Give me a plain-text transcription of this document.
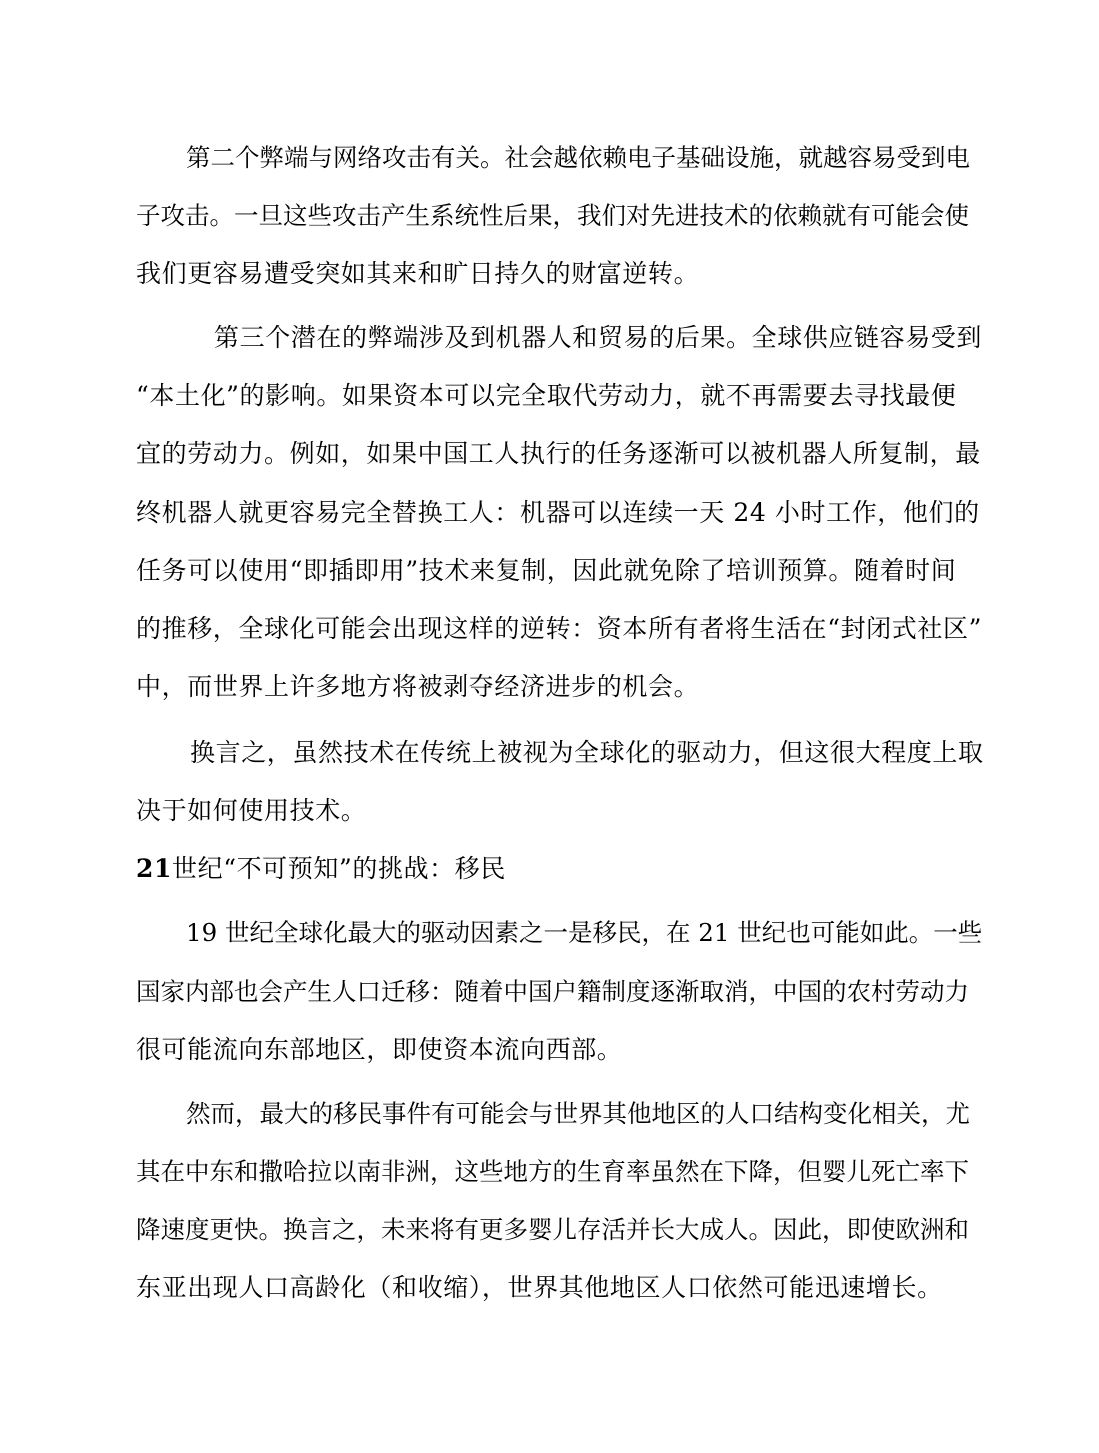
第二个弊端与网络攻击有关。社会越依赖电子基础设施，就越容易受到电
子攻击。一旦这些攻击产生系统性后果，我们对先进技术的依赖就有可能会使
我们更容易遭受突如其来和旷日持久的财富逆转。
第三个潜在的弊端涉及到机器人和贸易的后果。全球供应链容易受到
“本土化”的影响。如果资本可以完全取代劳动力，就不再需要去寻找最便
宜的劳动力。例如，如果中国工人执行的任务逐渐可以被机器人所复制，最
终机器人就更容易完全替换工人：机器可以连续一天 24 小时工作，他们的
任务可以使用“即插即用”技术来复制，因此就免除了培训预算。随着时间
的推移，全球化可能会出现这样的逆转：资本所有者将生活在“封闭式社区”
中，而世界上许多地方将被剥夺经济进步的机会。
换言之，虽然技术在传统上被视为全球化的驱动力，但这很大程度上取
决于如何使用技术。
21世纪“不可预知”的挑战：移民
19 世纪全球化最大的驱动因素之一是移民，在 21 世纪也可能如此。一些
国家内部也会产生人口迁移：随着中国户籍制度逐渐取消，中国的农村劳动力
很可能流向东部地区，即使资本流向西部。
然而，最大的移民事件有可能会与世界其他地区的人口结构变化相关，尤
其在中东和撒哈拉以南非洲，这些地方的生育率虽然在下降，但婴儿死亡率下
降速度更快。换言之，未来将有更多婴儿存活并长大成人。因此，即使欧洲和
东亚出现人口高龄化（和收缩），世界其他地区人口依然可能迅速增长。
